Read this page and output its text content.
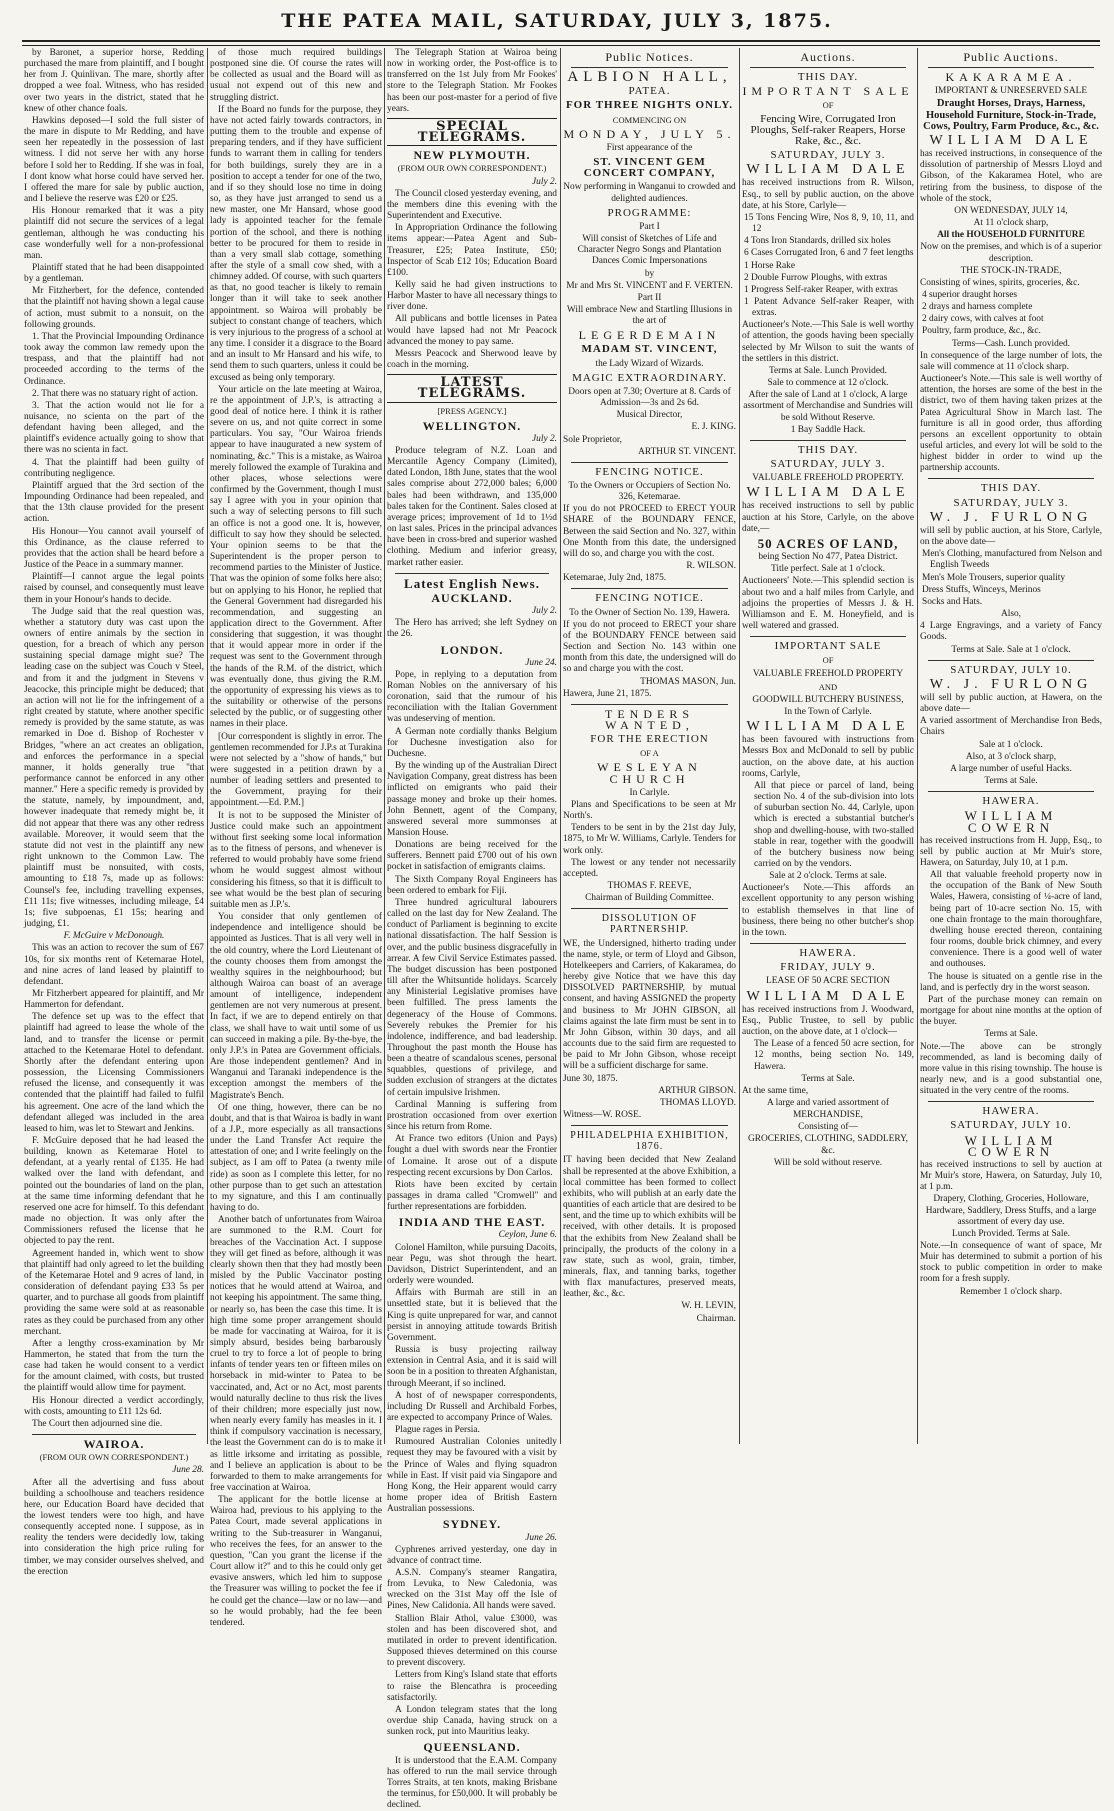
THE PATEA MAIL, SATURDAY, JULY 3, 1875.

by Baronet, a superior horse, Redding purchased the mare from plaintiff, and I bought her from J. Quinlivan. The mare, shortly after dropped a wee foal. Witness, who has resided over two years in the district, stated that he knew of other chance foals.

Hawkins deposed—I sold the full sister of the mare in dispute to Mr Redding, and have seen her repeatedly in the possession of last witness. I did not serve her with any horse before I sold her to Redding. If she was in foal, I dont know what horse could have served her. I offered the mare for sale by public auction, and I believe the reserve was £20 or £25.

His Honour remarked that it was a pity plaintiff did not secure the services of a legal gentleman, although he was conducting his case wonderfully well for a non-professional man.

Plaintiff stated that he had been disappointed by a gentleman.

Mr Fitzherbert, for the defence, contended that the plaintiff not having shown a legal cause of action, must submit to a nonsuit, on the following grounds.

1. That the Provincial Impounding Ordinance took away the common law remedy upon the trespass, and that the plaintiff had not proceeded according to the terms of the Ordinance.

2. That there was no statuary right of action.

3. That the action would not lie for a nuisance, no scienta on the part of the defendant having been alleged, and the plaintiff's evidence actually going to show that there was no scienta in fact.

4. That the plaintiff had been guilty of contributing negligence.

Plaintiff argued that the 3rd section of the Impounding Ordinance had been repealed, and that the 13th clause provided for the present action.

His Honour—You cannot avail yourself of this Ordinance, as the clause referred to provides that the action shall be heard before a Justice of the Peace in a summary manner.

Plaintiff—I cannot argue the legal points raised by counsel, and consequently must leave them in your Honour's hands to decide.

The Judge said that the real question was, whether a statutory duty was cast upon the owners of entire animals by the section in question, for a breach of which any person sustaining special damage might sue? The leading case on the subject was Couch v Steel, and from it and the judgment in Stevens v Jeacocke, this principle might be deduced; that an action will not lie for the infringement of a right created by statute, where another specific remedy is provided by the same statute, as was remarked in Doe d. Bishop of Rochester v Bridges, "where an act creates an obligation, and enforces the performance in a special manner, it holds generally true "that performance cannot be enforced in any other manner." Here a specific remedy is provided by the statute, namely, by impoundment, and, however inadequate that remedy might be, it did not appear that there was any other redress available. Moreover, it would seem that the statute did not vest in the plaintiff any new right unknown to the Common Law. The plaintiff must be nonsuited, with costs, amounting to £18 7s, made up as follows: Counsel's fee, including travelling expenses, £11 11s; five witnesses, including mileage, £4 1s; five subpoenas, £1 15s; hearing and judging, £1.

F. McGuire v McDonough.

This was an action to recover the sum of £67 10s, for six months rent of Ketemarae Hotel, and nine acres of land leased by plaintiff to defendant.

Mr Fitzherbert appeared for plaintiff, and Mr Hammerton for defendant.

The defence set up was to the effect that plaintiff had agreed to lease the whole of the land, and to transfer the license or permit attached to the Ketemarae Hotel to defendant. Shortly after the defendant entering upon possession, the Licensing Commissioners refused the license, and consequently it was contended that the plaintiff had failed to fulfil his agreement. One acre of the land which the defendant alleged was included in the area leased to him, was let to Stewart and Jenkins.

F. McGuire deposed that he had leased the building, known as Ketemarae Hotel to defendant, at a yearly rental of £135. He had walked over the land with defendant, and pointed out the boundaries of land on the plan, at the same time informing defendant that he reserved one acre for himself. To this defendant made no objection. It was only after the Commissioners refused the license that he objected to pay the rent.

Agreement handed in, which went to show that plaintiff had only agreed to let the building of the Ketemarae Hotel and 9 acres of land, in consideration of defendant paying £33 5s per quarter, and to purchase all goods from plaintiff providing the same were sold at as reasonable rates as they could be purchased from any other merchant.

After a lengthy cross-examination by Mr Hammerton, he stated that from the turn the case had taken he would consent to a verdict for the amount claimed, with costs, but trusted the plaintiff would allow time for payment.

His Honour directed a verdict accordingly, with costs, amounting to £11 12s 6d.

The Court then adjourned sine die.

WAIROA.

(FROM OUR OWN CORRESPONDENT.)

June 28.

After all the advertising and fuss about building a schoolhouse and teachers residence here, our Education Board have decided that the lowest tenders were too high, and have consequently accepted none. I suppose, as in reality the tenders were decidedly low, taking into consideration the high price ruling for timber, we may consider ourselves shelved, and the erection

of those much required buildings postponed sine die. Of course the rates will be collected as usual and the Board will as usual not expend out of this new and struggling district.

If the Board no funds for the purpose, they have not acted fairly towards contractors, in putting them to the trouble and expense of preparing tenders, and if they have sufficient funds to warrant them in calling for tenders for both buildings, surely they are in a position to accept a tender for one of the two, and if so they should lose no time in doing so, as they have just arranged to send us a new master, one Mr Hansard, whose good lady is appointed teacher for the female portion of the school, and there is nothing better to be procured for them to reside in than a very small slab cottage, something after the style of a small cow shed, with a chimney added. Of course, with such quarters as that, no good teacher is likely to remain longer than it will take to seek another appointment. so Wairoa will probably be subject to constant change of teachers, which is very injurious to the progress of a school at any time. I consider it a disgrace to the Board and an insult to Mr Hansard and his wife, to send them to such quarters, unless it could be excused as being only temporary.

Your article on the late meeting at Wairoa, re the appointment of J.P.'s, is attracting a good deal of notice here. I think it is rather severe on us, and not quite correct in some particulars. You say, "Our Wairoa friends appear to have inaugurated a new system of nominating, &c." This is a mistake, as Wairoa merely followed the example of Turakina and other places, whose selections were confirmed by the Government, though I must say I agree with you in your opinion that such a way of selecting persons to fill such an office is not a good one. It is, however, difficult to say how they should be selected. Your opinion seems to be that the Superintendent is the proper person to recommend parties to the Minister of Justice. That was the opinion of some folks here also; but on applying to his Honor, he replied that the General Government had disregarded his recommendation, and suggesting an application direct to the Government. After considering that suggestion, it was thought that it would appear more in order if the request was sent to the Government through the hands of the R.M. of the district, which was eventually done, thus giving the R.M. the opportunity of expressing his views as to the suitability or otherwise of the persons selected by the public, or of suggesting other names in their place.

[Our correspondent is slightly in error. The gentlemen recommended for J.P.s at Turakina were not selected by a "show of hands," but were suggested in a petition drawn by a number of leading settlers and presented to the Government, praying for their appointment.—Ed. P.M.]

It is not to be supposed the Minister of Justice could make such an appointment without first seeking some local information as to the fitness of persons, and whenever is referred to would probably have some friend whom he would suggest almost without considering his fitness, so that it is difficult to see what would be the best plan of securing suitable men as J.P.'s.

You consider that only gentlemen of independence and intelligence should be appointed as Justices. That is all very well in the old country, where the Lord Lieutenant of the county chooses them from amongst the wealthy squires in the neighbourhood; but although Wairoa can boast of an average amount of intelligence, independent gentlemen are not very numerous at present. In fact, if we are to depend entirely on that class, we shall have to wait until some of us can succeed in making a pile. By-the-bye, the only J.P.'s in Patea are Government officials. Are those independent gentlemen? And in Wanganui and Taranaki independence is the exception amongst the members of the Magistrate's Bench.

Of one thing, however, there can be no doubt, and that is that Wairoa is badly in want of a J.P., more especially as all transactions under the Land Transfer Act require the attestation of one; and I write feelingly on the subject, as I am off to Patea (a twenty mile ride) as soon as I complete this letter, for no other purpose than to get such an attestation to my signature, and this I am continually having to do.

Another batch of unfortunates from Wairoa are summoned to the R.M. Court for breaches of the Vaccination Act. I suppose they will get fined as before, although it was clearly shown then that they had mostly been misled by the Public Vaccinator posting notices that he would attend at Wairoa, and not keeping his appointment. The same thing, or nearly so, has been the case this time. It is high time some proper arrangement should be made for vaccinating at Wairoa, for it is simply absurd, besides being barbarously cruel to try to force a lot of people to bring infants of tender years ten or fifteen miles on horseback in mid-winter to Patea to be vaccinated, and, Act or no Act, most parents would naturally decline to thus risk the lives of their children; more especially just now, when nearly every family has measles in it. I think if compulsory vaccination is necessary, the least the Government can do is to make it as little irksome and irritating as possible, and I believe an application is about to be forwarded to them to make arrangements for free vaccination at Wairoa.

The applicant for the bottle license at Wairoa had, previous to his applying to the Patea Court, made several applications in writing to the Sub-treasurer in Wanganui, who receives the fees, for an answer to the question, "Can you grant the license if the Court allow it?" and to this he could only get evasive answers, which led him to suppose the Treasurer was willing to pocket the fee if he could get the chance—law or no law—and so he would probably, had the fee been tendered.

The Telegraph Station at Wairoa being now in working order, the Post-office is to transferred on the 1st July from Mr Fookes' store to the Telegraph Station. Mr Fookes has been our post-master for a period of five years.

SPECIAL TELEGRAMS.

NEW PLYMOUTH.

(FROM OUR OWN CORRESPONDENT.)

July 2.

The Council closed yesterday evening, and the members dine this evening with the Superintendent and Executive.

In Appropriation Ordinance the following items appear:—Patea Agent and Sub-Treasurer, £25; Patea Institute, £50; Inspector of Scab £12 10s; Education Board £100.

Kelly said he had given instructions to Harbor Master to have all necessary things to river done.

All publicans and bottle licenses in Patea would have lapsed had not Mr Peacock advanced the money to pay same.

Messrs Peacock and Sherwood leave by coach in the morning.

LATEST TELEGRAMS.

[PRESS AGENCY.]

WELLINGTON.

July 2.

Produce telegram of N.Z. Loan and Mercantile Agency Company (Limited), dated London, 18th June, states that the wool sales comprise about 272,000 bales; 6,000 bales had been withdrawn, and 135,000 bales taken for the Continent. Sales closed at average prices; improvement of 1d to 1½d on last sales. Prices in the principal advances have been in cross-bred and superior washed clothing. Medium and inferior greasy, market rather easier.

Latest English News.

AUCKLAND.

July 2.

The Hero has arrived; she left Sydney on the 26.

LONDON.

June 24.

Pope, in replying to a deputation from Roman Nobles on the anniversary of his coronation, said that the rumour of his reconciliation with the Italian Government was undeserving of mention.

A German note cordially thanks Belgium for Duchesne investigation also for Duchesne.

By the winding up of the Australian Direct Navigation Company, great distress has been inflicted on emigrants who paid their passage money and broke up their homes. John Bennett, agent of the Company, answered several more summonses at Mansion House.

Donations are being received for the sufferers. Bennett paid £700 out of his own pocket in satisfaction of emigrants claims.

The Sixth Company Royal Engineers has been ordered to embark for Fiji.

Three hundred agricultural labourers called on the last day for New Zealand. The conduct of Parliament is beginning to excite national dissatisfaction. The half Session is over, and the public business disgracefully in arrear. A few Civil Service Estimates passed. The budget discussion has been postponed till after the Whitsuntide holidays. Scarcely any Ministerial Legislative promises have been fulfilled. The press laments the degeneracy of the House of Commons. Severely rebukes the Premier for his indolence, indifference, and bad leadership. Throughout the past month the House has been a theatre of scandalous scenes, personal squabbles, questions of privilege, and sudden exclusion of strangers at the dictates of certain impulsive Irishmen.

Cardinal Manning is suffering from prostration occasioned from over exertion since his return from Rome.

At France two editors (Union and Pays) fought a duel with swords near the Frontier of Lomaine. It arose out of a dispute respecting recent excursions by Don Carlos.

Riots have been excited by certain passages in drama called "Cromwell" and further representations are forbidden.

INDIA AND THE EAST.

Ceylon, June 6.

Colonel Hamilton, while pursuing Dacoits, near Pegu, was shot through the heart. Davidson, District Superintendent, and an orderly were wounded.

Affairs with Burmah are still in an unsettled state, but it is believed that the King is quite unprepared for war, and cannot persist in annoying attitude towards British Government.

Russia is busy projecting railway extension in Central Asia, and it is said will soon be in a position to threaten Afghanistan, through Meerant, if so inclined.

A host of of newspaper correspondents, including Dr Russell and Archibald Forbes, are expected to accompany Prince of Wales.

Plague rages in Persia.

Rumoured Australian Colonies unitedly request they may be favoured with a visit by the Prince of Wales and flying squadron while in East. If visit paid via Singapore and Hong Kong, the Heir apparent would carry home proper idea of British Eastern Australian possessions.

SYDNEY.

June 26.

Cyphrenes arrived yesterday, one day in advance of contract time.

A.S.N. Company's steamer Rangatira, from Levuka, to New Caledonia, was wrecked on the 31st May off the Isle of Pines, New Calidonia. All hands were saved.

Stallion Blair Athol, value £3000, was stolen and has been discovered shot, and mutilated in order to prevent identification. Supposed thieves determined on this course to prevent discovery.

Letters from King's Island state that efforts to raise the Blencathra is proceeding satisfactorily.

A London telegram states that the long overdue ship Canada, having struck on a sunken rock, put into Mauritius leaky.

QUEENSLAND.

It is understood that the E.A.M. Company has offered to run the mail service through Torres Straits, at ten knots, making Brisbane the terminus, for £50,000. It will probably be declined.

Public Notices.

ALBION HALL,

PATEA.

FOR THREE NIGHTS ONLY.

COMMENCING ON

MONDAY, JULY 5.

First appearance of the

ST. VINCENT GEM CONCERT COMPANY,

Now performing in Wanganui to crowded and delighted audiences.

PROGRAMME:

Part I

Will consist of Sketches of Life and Character Negro Songs and Plantation Dances Comic Impersonations

by

Mr and Mrs St. VINCENT and F. VERTEN.

Part II

Will embrace New and Startling Illusions in the art of

LEGERDEMAIN

MADAM ST. VINCENT,

the Lady Wizard of Wizards.

MAGIC EXTRAORDINARY.

Doors open at 7.30; Overture at 8. Cards of Admission—3s and 2s 6d.

Musical Director,

E. J. KING.

Sole Proprietor,

ARTHUR ST. VINCENT.

FENCING NOTICE.

To the Owners or Occupiers of Section No. 326, Ketemarae.

If you do not PROCEED to ERECT YOUR SHARE of the BOUNDARY FENCE, Between the said Section and No. 327, within One Month from this date, the undersigned will do so, and charge you with the cost.

R. WILSON.

Ketemarae, July 2nd, 1875.

FENCING NOTICE.

To the Owner of Section No. 139, Hawera.

If you do not proceed to ERECT your share of the BOUNDARY FENCE between said Section and Section No. 143 within one month from this date, the undersigned will do so and charge you with the cost.

THOMAS MASON, Jun.

Hawera, June 21, 1875.

TENDERS WANTED,

FOR THE ERECTION

OF A

WESLEYAN CHURCH

In Carlyle.

Plans and Specifications to be seen at Mr North's.

Tenders to be sent in by the 21st day July, 1875, to Mr W. Williams, Carlyle. Tenders for work only.

The lowest or any tender not necessarily accepted.

THOMAS F. REEVE,

Chairman of Building Committee.

DISSOLUTION OF PARTNERSHIP.

WE, the Undersigned, hitherto trading under the name, style, or term of Lloyd and Gibson, Hotelkeepers and Carriers, of Kakaramea, do hereby give Notice that we have this day DISSOLVED PARTNERSHIP, by mutual consent, and having ASSIGNED the property and business to Mr JOHN GIBSON, all claims against the late firm must be sent in to Mr John Gibson, within 30 days, and all accounts due to the said firm are requested to be paid to Mr John Gibson, whose receipt will be a sufficient discharge for same.

June 30, 1875.

ARTHUR GIBSON.

THOMAS LLOYD.

Witness—W. ROSE.

PHILADELPHIA EXHIBITION, 1876.

IT having been decided that New Zealand shall be represented at the above Exhibition, a local committee has been formed to collect exhibits, who will publish at an early date the quantities of each article that are desired to be sent, and the time up to which exhibits will be received, with other details. It is proposed that the exhibits from New Zealand shall be principally, the products of the colony in a raw state, such as wool, grain, timber, minerals, flax, and tanning barks, together with flax manufactures, preserved meats, leather, &c., &c.

W. H. LEVIN,

Chairman.

Auctions.

THIS DAY.

IMPORTANT SALE

OF

Fencing Wire, Corrugated Iron Ploughs, Self-raker Reapers, Horse Rake, &c., &c.

SATURDAY, JULY 3.

WILLIAM DALE

has received instructions from R. Wilson, Esq., to sell by public auction, on the above date, at his Store, Carlyle—

15 Tons Fencing Wire, Nos 8, 9, 10, 11, and 12

4 Tons Iron Standards, drilled six holes

6 Cases Corrugated Iron, 6 and 7 feet lengths

1 Horse Rake

2 Double Furrow Ploughs, with extras

1 Progress Self-raker Reaper, with extras

1 Patent Advance Self-raker Reaper, with extras.

Auctioneer's Note.—This Sale is well worthy of attention, the goods having been specially selected by Mr Wilson to suit the wants of the settlers in this district.

Terms at Sale. Lunch Provided.

Sale to commence at 12 o'clock.

After the sale of Land at 1 o'clock, A large assortment of Merchandise and Sundries will be sold Without Reserve.

1 Bay Saddle Hack.

THIS DAY.

SATURDAY, JULY 3.

VALUABLE FREEHOLD PROPERTY.

WILLIAM DALE

has received instructions to sell by public auction at his Store, Carlyle, on the above date,—

50 ACRES OF LAND,

being Section No 477, Patea District.

Title perfect. Sale at 1 o'clock.

Auctioneers' Note.—This splendid section is about two and a half miles from Carlyle, and adjoins the properties of Messrs J. & H. Williamson and E. M. Honeyfield, and is well watered and grassed.

IMPORTANT SALE

OF

VALUABLE FREEHOLD PROPERTY

AND

GOODWILL BUTCHERY BUSINESS,

In the Town of Carlyle.

WILLIAM DALE

has been favoured with instructions from Messrs Box and McDonald to sell by public auction, on the above date, at his auction rooms, Carlyle,

All that piece or parcel of land, being section No. 4 of the sub-division into lots of suburban section No. 44, Carlyle, upon which is erected a substantial butcher's shop and dwelling-house, with two-stalled stable in rear, together with the goodwill of the butchery business now being carried on by the vendors.

Sale at 2 o'clock. Terms at sale.

Auctioneer's Note.—This affords an excellent opportunity to any person wishing to establish themselves in that line of business, there being no other butcher's shop in the town.

HAWERA.

FRIDAY, JULY 9.

LEASE OF 50 ACRE SECTION

WILLIAM DALE

has received instructions from J. Woodward, Esq., Public Trustee, to sell by public auction, on the above date, at 1 o'clock—

The Lease of a fenced 50 acre section, for 12 months, being section No. 149, Hawera.

Terms at Sale.

At the same time,

A large and varied assortment of

MERCHANDISE,

Consisting of—

GROCERIES, CLOTHING, SADDLERY, &c.

Will be sold without reserve.

Public Auctions.

KAKARAMEA.

IMPORTANT & UNRESERVED SALE

Draught Horses, Drays, Harness, Household Furniture, Stock-in-Trade, Cows, Poultry, Farm Produce, &c., &c.

WILLIAM DALE

has received instructions, in consequence of the dissolution of partnership of Messrs Lloyd and Gibson, of the Kakaramea Hotel, who are retiring from the business, to dispose of the whole of the stock,

ON WEDNESDAY, JULY 14,

At 11 o'clock sharp,

All the HOUSEHOLD FURNITURE

Now on the premises, and which is of a superior description.

THE STOCK-IN-TRADE,

Consisting of wines, spirits, groceries, &c.

4 superior draught horses

2 drays and harness complete

2 dairy cows, with calves at foot

Poultry, farm produce, &c., &c.

Terms—Cash. Lunch provided.

In consequence of the large number of lots, the sale will commence at 11 o'clock sharp.

Auctioneer's Note.—This sale is well worthy of attention, the horses are some of the best in the district, two of them having taken prizes at the Patea Agricultural Show in March last. The furniture is all in good order, thus affording persons an excellent opportunity to obtain useful articles, and every lot will be sold to the highest bidder in order to wind up the partnership accounts.

THIS DAY.

SATURDAY, JULY 3.

W. J. FURLONG

will sell by public auction, at his Store, Carlyle, on the above date—

Men's Clothing, manufactured from Nelson and English Tweeds

Men's Mole Trousers, superior quality

Dress Stuffs, Winceys, Merinos

Socks and Hats.

Also,

4 Large Engravings, and a variety of Fancy Goods.

Terms at Sale. Sale at 1 o'clock.

SATURDAY, JULY 10.

W. J. FURLONG

will sell by public auction, at Hawera, on the above date—

A varied assortment of Merchandise Iron Beds, Chairs

Sale at 1 o'clock.

Also, at 3 o'clock sharp,

A large number of useful Hacks.

Terms at Sale.

HAWERA.

WILLIAM COWERN

has received instructions from H. Jupp, Esq., to sell by public auction at Mr Muir's store, Hawera, on Saturday, July 10, at 1 p.m.

All that valuable freehold property now in the occupation of the Bank of New South Wales, Hawera, consisting of ¼-acre of land, being part of 10-acre section No. 15, with one chain frontage to the main thoroughfare, dwelling house erected thereon, containing four rooms, double brick chimney, and every convenience. There is a good well of water and outhouses.

The house is situated on a gentle rise in the land, and is perfectly dry in the worst season.

Part of the purchase money can remain on mortgage for about nine months at the option of the buyer.

Terms at Sale.

Note.—The above can be strongly recommended, as land is becoming daily of more value in this rising township. The house is nearly new, and is a good substantial one, situated in the very centre of the rooms.

HAWERA.

SATURDAY, JULY 10.

WILLIAM COWERN

has received instructions to sell by auction at Mr Muir's store, Hawera, on Saturday, July 10, at 1 p.m.

Drapery, Clothing, Groceries, Holloware, Hardware, Saddlery, Dress Stuffs, and a large assortment of every day use.

Lunch Provided. Terms at Sale.

Note.—In consequence of want of space, Mr Muir has determined to submit a portion of his stock to public competition in order to make room for a fresh supply.

Remember 1 o'clock sharp.
